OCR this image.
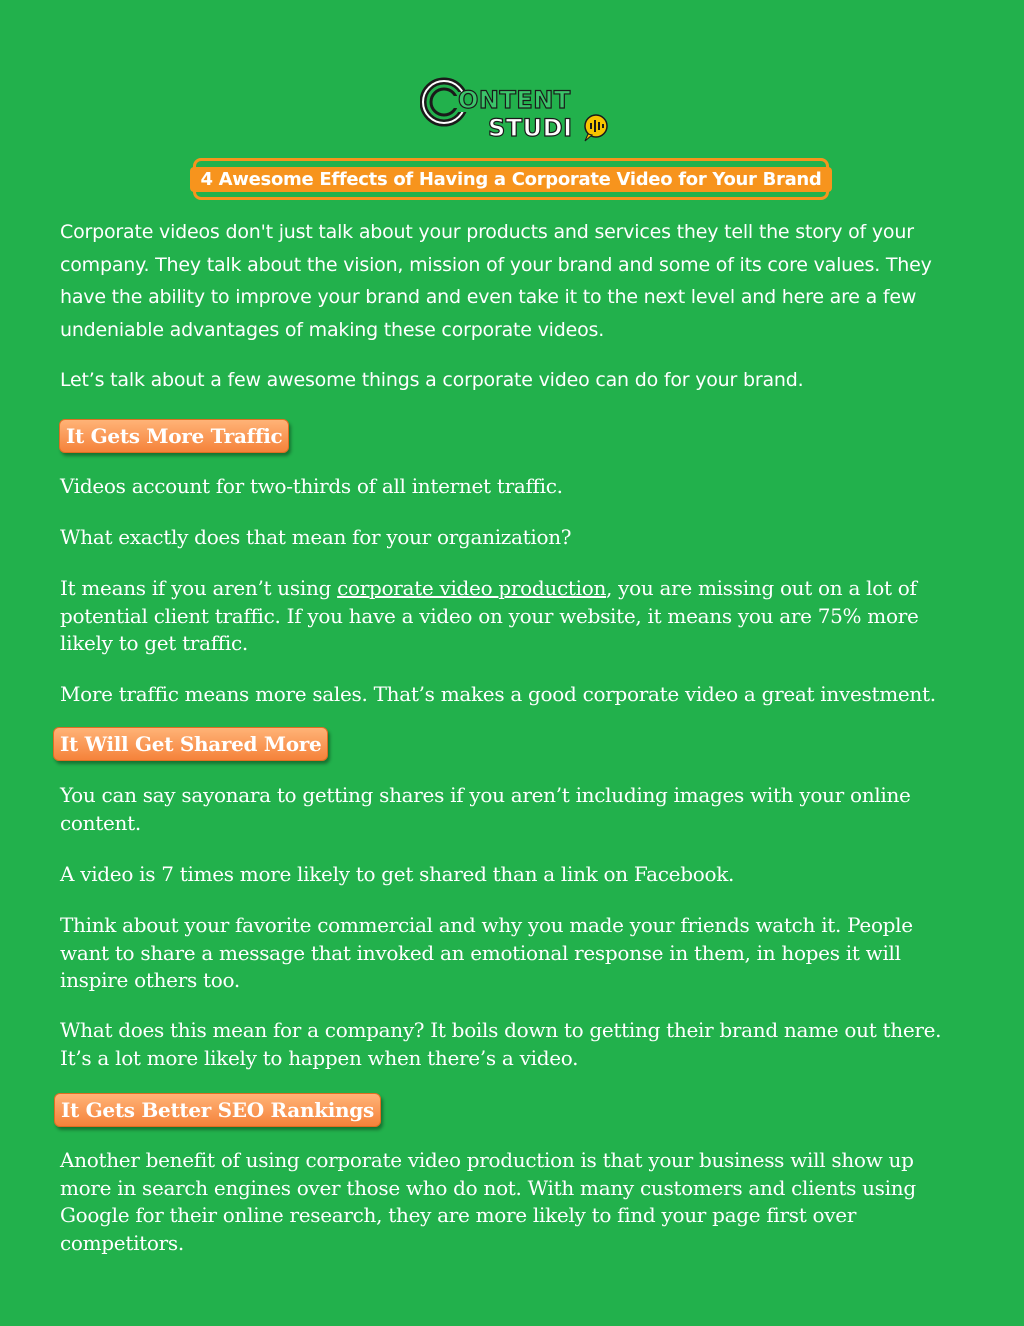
ONTENT
STUDI
4 Awesome Effects of Having a Corporate Video for Your Brand

Corporate videos don't just talk about your products and services they tell the story of your company. They talk about the vision, mission of your brand and some of its core values. They have the ability to improve your brand and even take it to the next level and here are a few undeniable advantages of making these corporate videos.

Let’s talk about a few awesome things a corporate video can do for your brand.

It Gets More Traffic

Videos account for two-thirds of all internet traffic.

What exactly does that mean for your organization?

It means if you aren’t using corporate video production, you are missing out on a lot of potential client traffic. If you have a video on your website, it means you are 75% more likely to get traffic.

More traffic means more sales. That’s makes a good corporate video a great investment.

It Will Get Shared More

You can say sayonara to getting shares if you aren’t including images with your online content.

A video is 7 times more likely to get shared than a link on Facebook.

Think about your favorite commercial and why you made your friends watch it. People want to share a message that invoked an emotional response in them, in hopes it will inspire others too.

What does this mean for a company? It boils down to getting their brand name out there. It’s a lot more likely to happen when there’s a video.

It Gets Better SEO Rankings

Another benefit of using corporate video production is that your business will show up more in search engines over those who do not. With many customers and clients using Google for their online research, they are more likely to find your page first over competitors.
